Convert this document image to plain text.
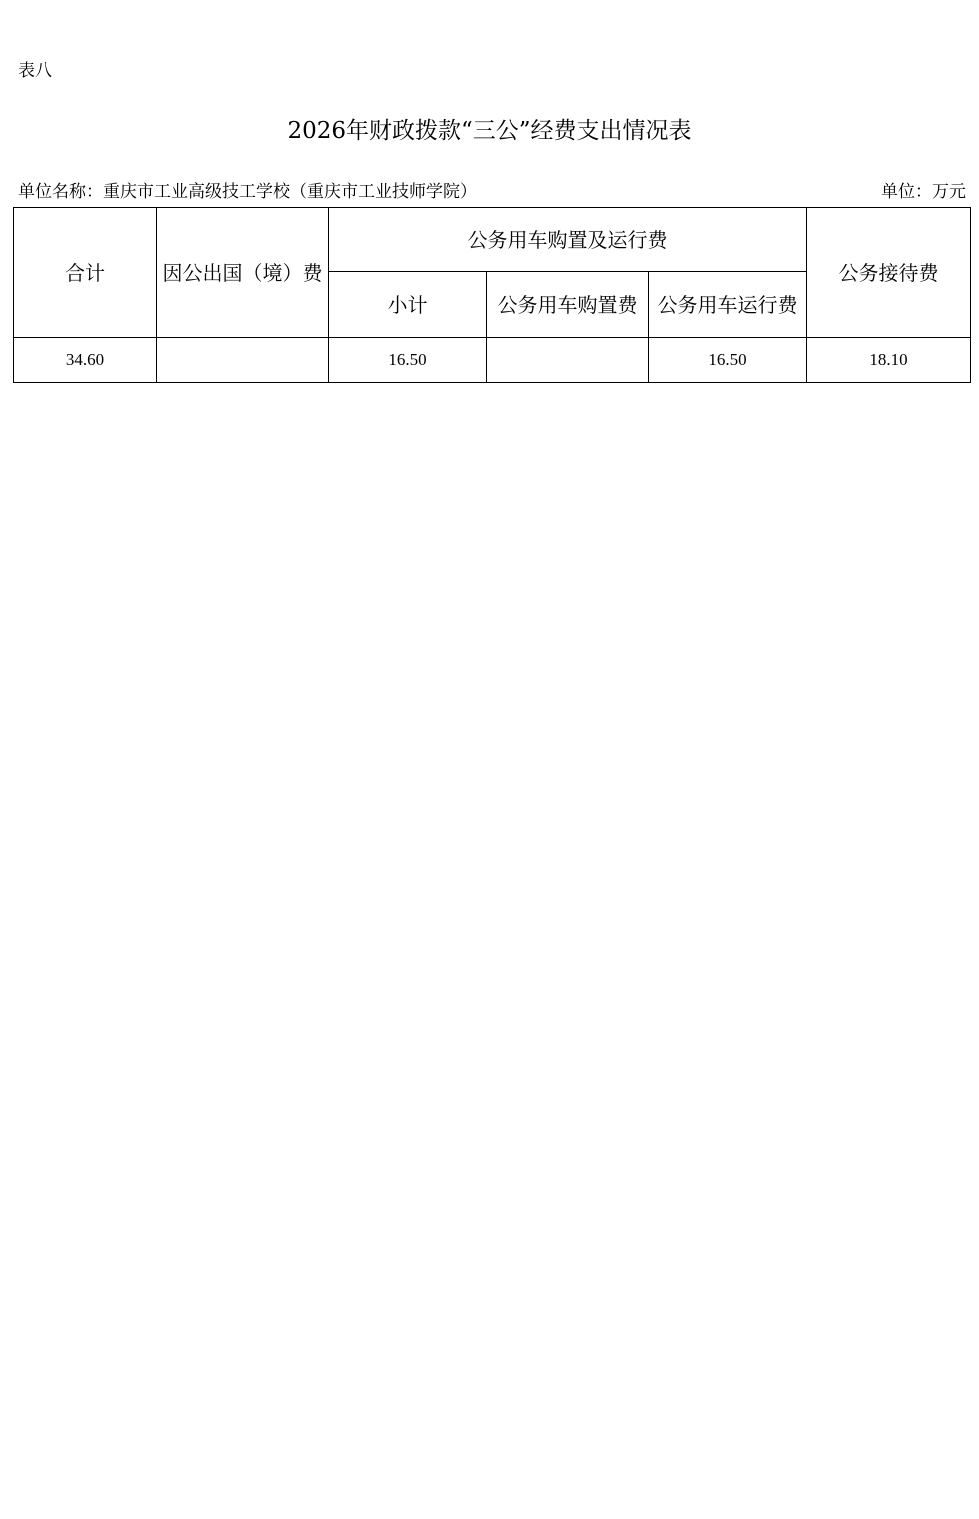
表八
2026年财政拨款“三公”经费支出情况表
单位名称：重庆市工业高级技工学校（重庆市工业技师学院）	单位：万元
合计	因公出国（境）费	公务用车购置及运行费			公务接待费
		小计	公务用车购置费	公务用车运行费	
34.60		16.50		16.50	18.10
